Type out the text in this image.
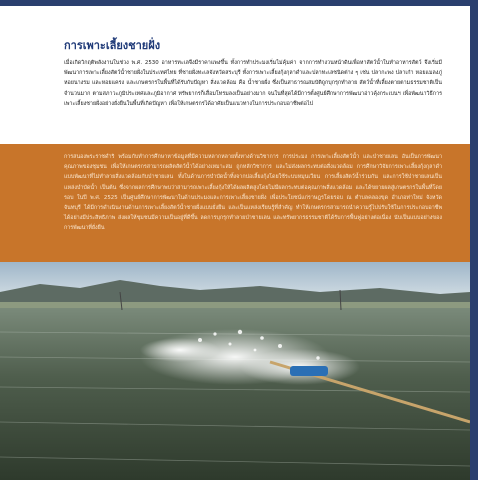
การเพาะเลี้ยงชายฝั่ง
เมื่อเกิดวิกฤติพลังงานในช่วง พ.ศ. 2530 อาหารทะเลจึงมีราคาแพงขึ้น ทั้งการทำประมงเริ่มไม่คุ้มค่า จากการทำงวนหน้าดินเพื่อหาสัตว์น้ำในทำอาหารสัตว์ จึงเริ่มมีพัฒนาการเพาะเลี้ยงสัตว์น้ำชายฝั่งในประเทศไทย ที่ชายฝั่งทะเลจังหวัดสระบุรี ทั้งการเพาะเลี้ยงกุ้งกุลาดำและปลาทะเลชนิดต่าง ๆ เช่น ปลากะพง ปลาเก๋า หอยแมลงภู่ หอยนางรม และหอยแครง และเกษตรกรในพื้นที่ได้รับกับปัญหา สิ่งแวดล้อม คือ น้ำชายฝั่ง ซึ่งเป็นสาธารณสมบัติถูกบุกรุกทำลาย สัตว์น้ำที่เลี้ยงตายตามธรรมชาติเป็นจำนวนมาก ตามสภาวะภูมิประเทศและภูมิอากาศ ทรัพยากรก็เสื่อมโทรมลงเป็นอย่างมาก จนในที่สุดได้มีการตั้งศูนย์ศึกษาการพัฒนาอ่าวคุ้งกระเบนฯ เพื่อพัฒนาวิธีการเพาะเลี้ยงชายฝั่งอย่างยั่งยืนในพื้นที่เกิดปัญหา เพื่อให้เกษตรกรได้อาศัยเป็นแนวทางในการประกอบอาชีพต่อไป
การสนองพระราชดำริ พร้อมกับทำการศึกษาหาข้อมูลที่มีความหลากหลายทั้งทางด้านวิชาการ การประมง การเพาะเลี้ยงสัตว์น้ำ และป่าชายเลน อันเป็นการพัฒนาคุณภาพของชุมชน เพื่อให้เกษตรกรสามารถผลิตสัตว์น้ำได้อย่างเหมาะสม ถูกหลักวิชาการ และไม่ส่งผลกระทบต่อสิ่งแวดล้อม การศึกษาวิจัยการเพาะเลี้ยงกุ้งกุลาดำแบบพัฒนาที่ไม่ทำลายสิ่งแวดล้อมกับป่าชายเลน ทั้งในด้านการบำบัดน้ำทิ้งจากบ่อเลี้ยงกุ้งโดยใช้ระบบหมุนเวียน การเลี้ยงสัตว์น้ำร่วมกัน และการใช้ป่าชายเลนเป็นแหล่งบำบัดน้ำ เป็นต้น ซึ่งจากผลการศึกษาพบว่าสามารถเพาะเลี้ยงกุ้งให้ได้ผลผลิตสูงโดยไม่มีผลกระทบต่อคุณภาพสิ่งแวดล้อม และได้ขยายผลสู่เกษตรกรในพื้นที่โดยรอบ ในปี พ.ศ. 2525 เป็นศูนย์ศึกษาการพัฒนาในด้านประมงและการเพาะเลี้ยงชายฝั่ง เพื่อประโยชน์แก่ราษฎรโดยรอบ ณ ตำบลคลองขุด อำเภอท่าใหม่ จังหวัดจันทบุรี ได้มีการดำเนินงานด้านการเพาะเลี้ยงสัตว์น้ำชายฝั่งแบบยั่งยืน และเป็นแหล่งเรียนรู้ที่สำคัญ ทำให้เกษตรกรสามารถนำความรู้ไปปรับใช้ในการประกอบอาชีพได้อย่างมีประสิทธิภาพ ส่งผลให้ชุมชนมีความเป็นอยู่ที่ดีขึ้น ลดการบุกรุกทำลายป่าชายเลน และทรัพยากรธรรมชาติได้รับการฟื้นฟูอย่างต่อเนื่อง นับเป็นแบบอย่างของการพัฒนาที่ยั่งยืน
